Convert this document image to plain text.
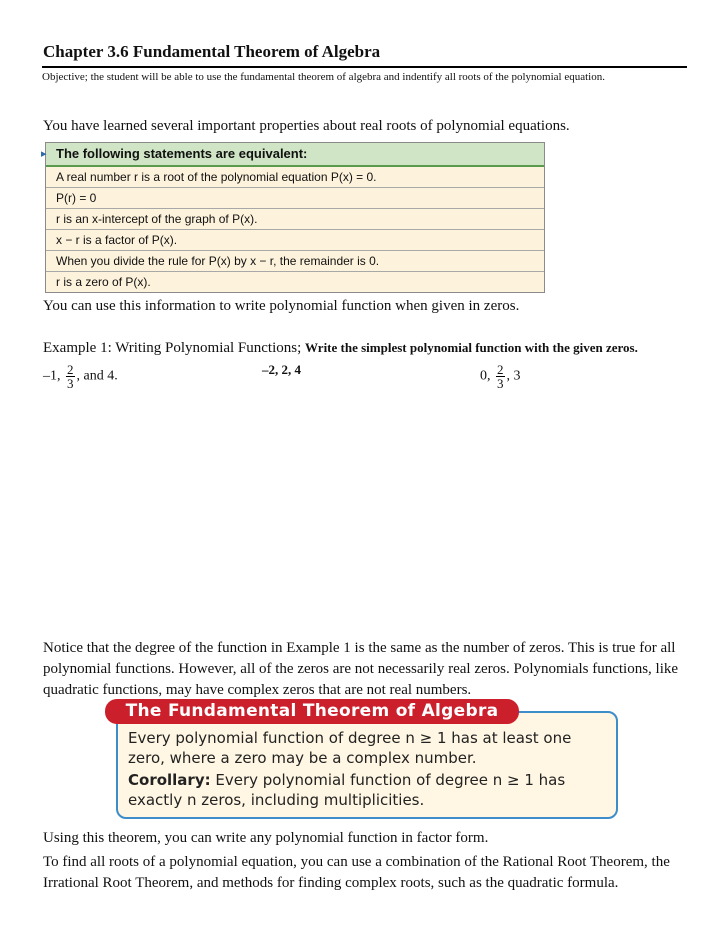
Chapter 3.6 Fundamental Theorem of Algebra
Objective; the student will be able to use the fundamental theorem of algebra and indentify all roots of the polynomial equation.
You have learned several important properties about real roots of polynomial equations.
▸ The following statements are equivalent:
A real number r is a root of the polynomial equation P(x) = 0.
P(r) = 0
r is an x-intercept of the graph of P(x).
x − r is a factor of P(x).
When you divide the rule for P(x) by x − r, the remainder is 0.
r is a zero of P(x).
You can use this information to write polynomial function when given in zeros.
Example 1: Writing Polynomial Functions; Write the simplest polynomial function with the given zeros.
–1, $\frac{2}{3}$ , and 4.	–2, 2, 4	0, $\frac{2}{3}$ , 3
Notice that the degree of the function in Example 1 is the same as the number of zeros. This is true for all polynomial functions. However, all of the zeros are not necessarily real zeros. Polynomials functions, like quadratic functions, may have complex zeros that are not real numbers.
The Fundamental Theorem of Algebra

Every polynomial function of degree n ≥ 1 has at least one zero, where a zero may be a complex number.

Corollary: Every polynomial function of degree n ≥ 1 has exactly n zeros, including multiplicities.

Using this theorem, you can write any polynomial function in factor form.
To find all roots of a polynomial equation, you can use a combination of the Rational Root Theorem, the Irrational Root Theorem, and methods for finding complex roots, such as the quadratic formula.
